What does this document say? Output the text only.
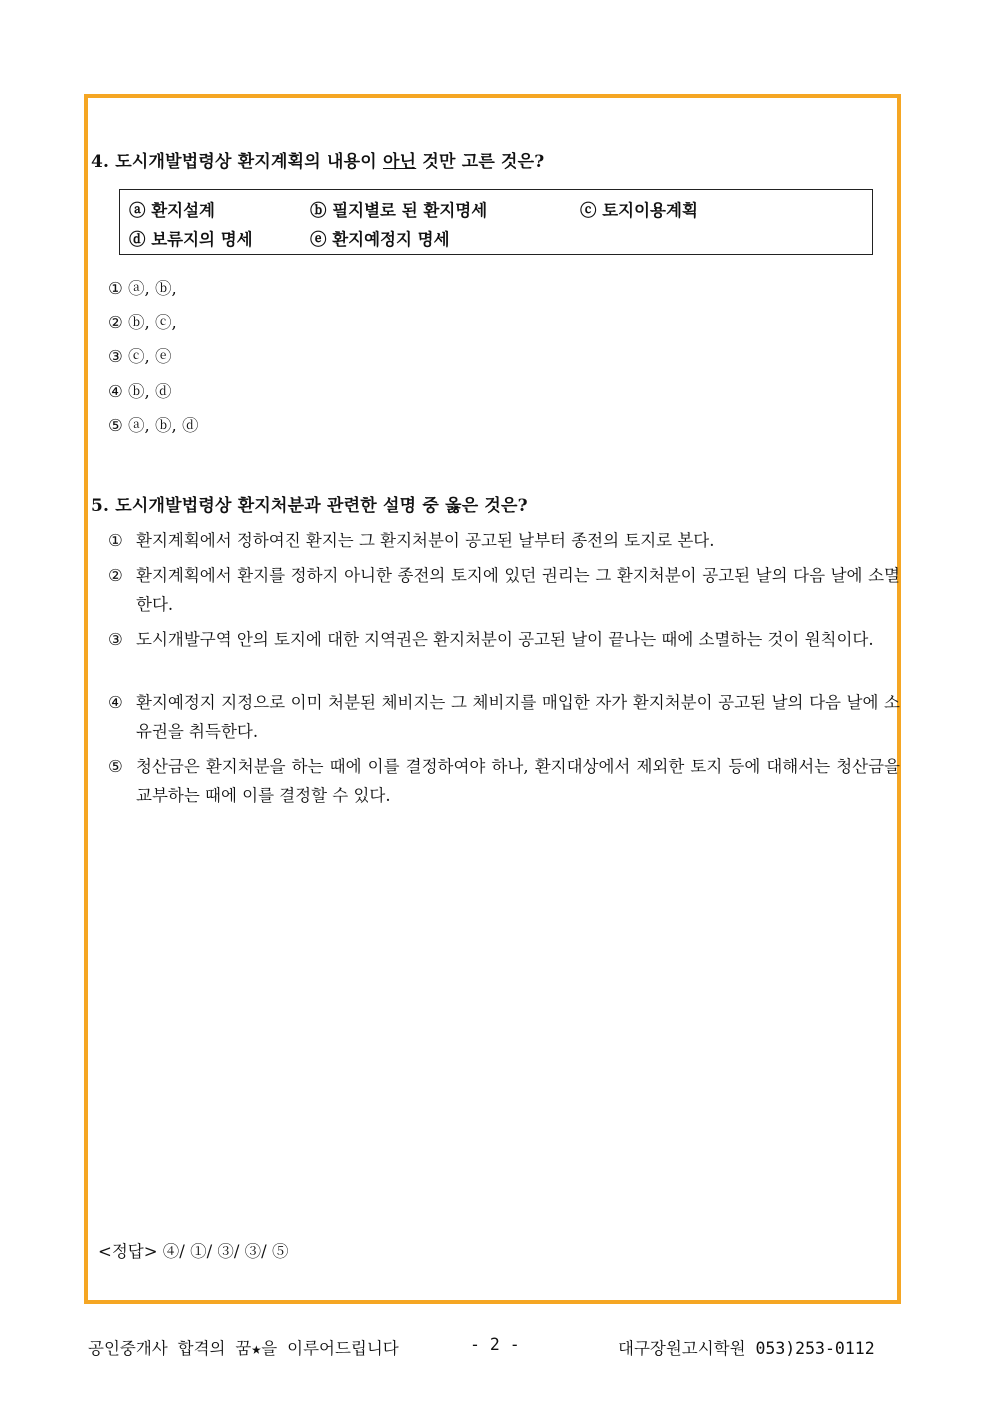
4. 도시개발법령상 환지계획의 내용이 아닌 것만 고른 것은?
ⓐ 환지설계	ⓑ 필지별로 된 환지명세	ⓒ 토지이용계획
ⓓ 보류지의 명세	ⓔ 환지예정지 명세
① ⓐ, ⓑ,
② ⓑ, ⓒ,
③ ⓒ, ⓔ
④ ⓑ, ⓓ
⑤ ⓐ, ⓑ, ⓓ
5. 도시개발법령상 환지처분과 관련한 설명 중 옳은 것은?
① 환지계획에서 정하여진 환지는 그 환지처분이 공고된 날부터 종전의 토지로 본다.
② 환지계획에서 환지를 정하지 아니한 종전의 토지에 있던 권리는 그 환지처분이 공고된 날의 다음 날에 소멸한다.
③ 도시개발구역 안의 토지에 대한 지역권은 환지처분이 공고된 날이 끝나는 때에 소멸하는 것이 원칙이다.
④ 환지예정지 지정으로 이미 처분된 체비지는 그 체비지를 매입한 자가 환지처분이 공고된 날의 다음 날에 소유권을 취득한다.
⑤ 청산금은 환지처분을 하는 때에 이를 결정하여야 하나, 환지대상에서 제외한 토지 등에 대해서는 청산금을 교부하는 때에 이를 결정할 수 있다.
<정답> ④/ ①/ ③/ ③/ ⑤
공인중개사 합격의 꿈★을 이루어드립니다	- 2 -	대구장원고시학원 053)253-0112
